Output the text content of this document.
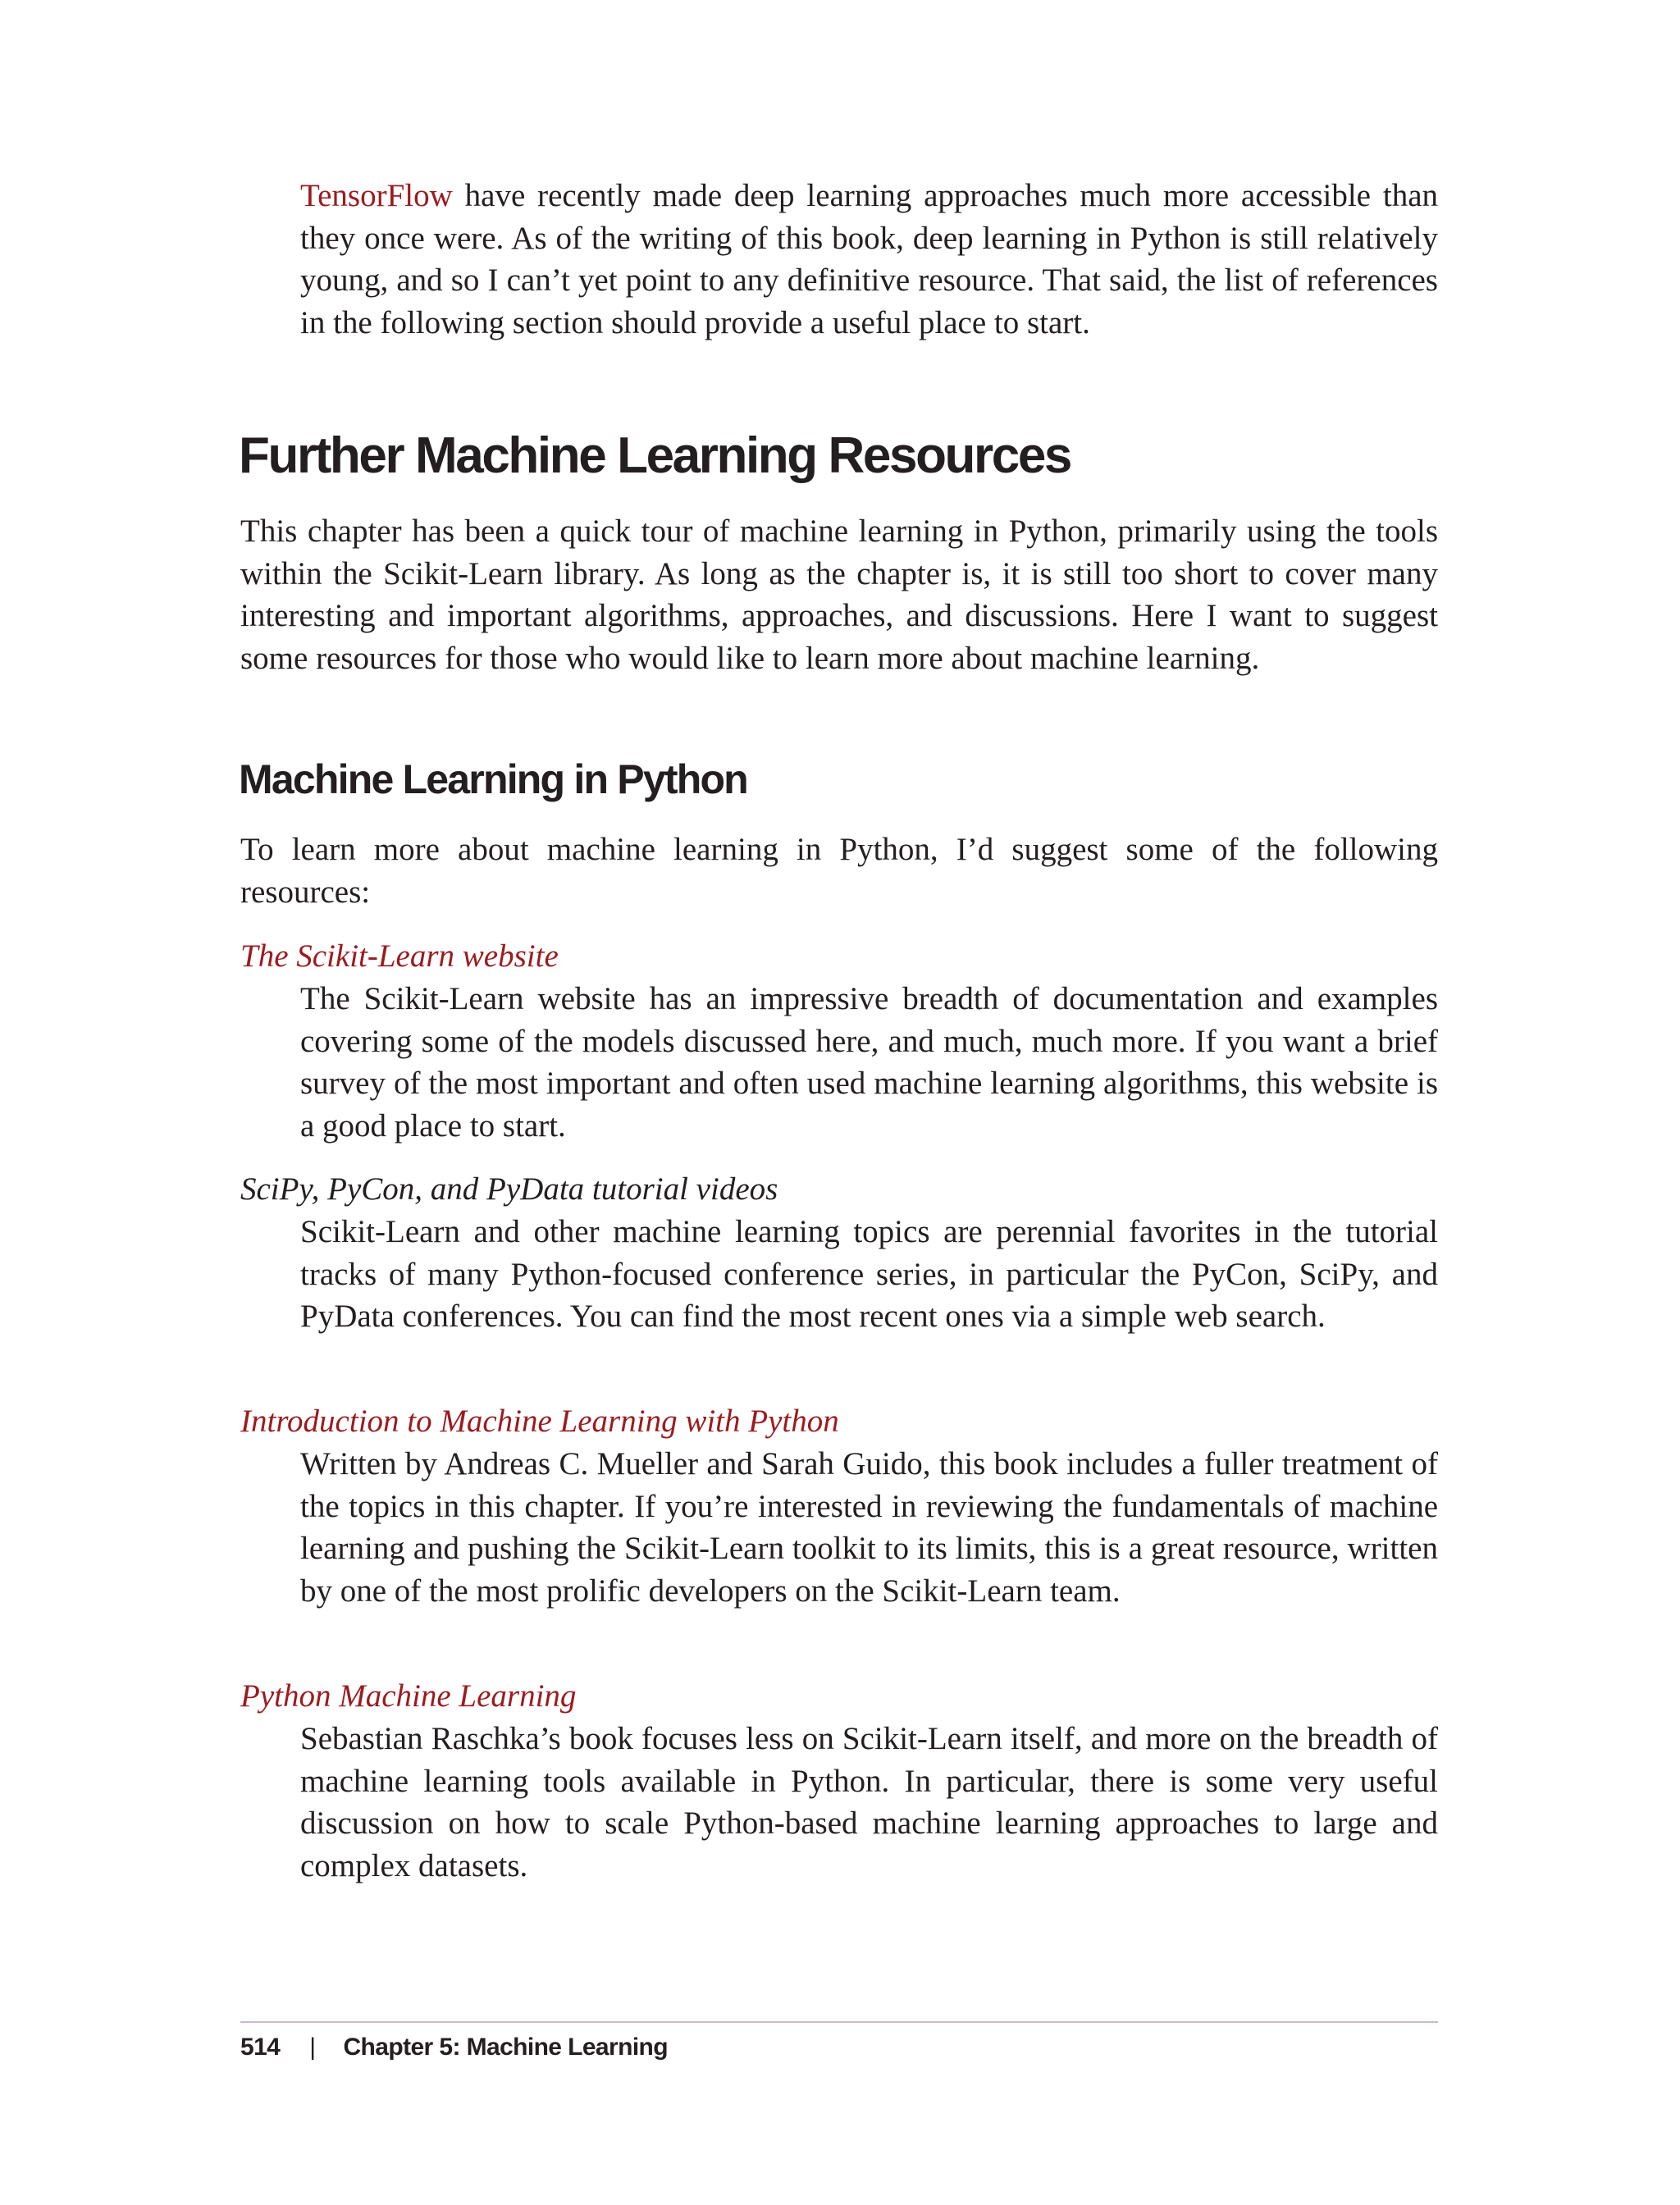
TensorFlow have recently made deep learning approaches much more accessible than they once were. As of the writing of this book, deep learning in Python is still relatively young, and so I can’t yet point to any definitive resource. That said, the list of references in the following section should provide a useful place to start.

Further Machine Learning Resources

This chapter has been a quick tour of machine learning in Python, primarily using the tools within the Scikit-Learn library. As long as the chapter is, it is still too short to cover many interesting and important algorithms, approaches, and discussions. Here I want to suggest some resources for those who would like to learn more about machine learning.

Machine Learning in Python

To learn more about machine learning in Python, I’d suggest some of the following resources:

The Scikit-Learn website

The Scikit-Learn website has an impressive breadth of documentation and examples covering some of the models discussed here, and much, much more. If you want a brief survey of the most important and often used machine learning algorithms, this website is a good place to start.

SciPy, PyCon, and PyData tutorial videos

Scikit-Learn and other machine learning topics are perennial favorites in the tutorial tracks of many Python-focused conference series, in particular the PyCon, SciPy, and PyData conferences. You can find the most recent ones via a simple web search.

Introduction to Machine Learning with Python

Written by Andreas C. Mueller and Sarah Guido, this book includes a fuller treatment of the topics in this chapter. If you’re interested in reviewing the fundamentals of machine learning and pushing the Scikit-Learn toolkit to its limits, this is a great resource, written by one of the most prolific developers on the Scikit-Learn team.

Python Machine Learning

Sebastian Raschka’s book focuses less on Scikit-Learn itself, and more on the breadth of machine learning tools available in Python. In particular, there is some very useful discussion on how to scale Python-based machine learning approaches to large and complex datasets.

514 | Chapter 5: Machine Learning
